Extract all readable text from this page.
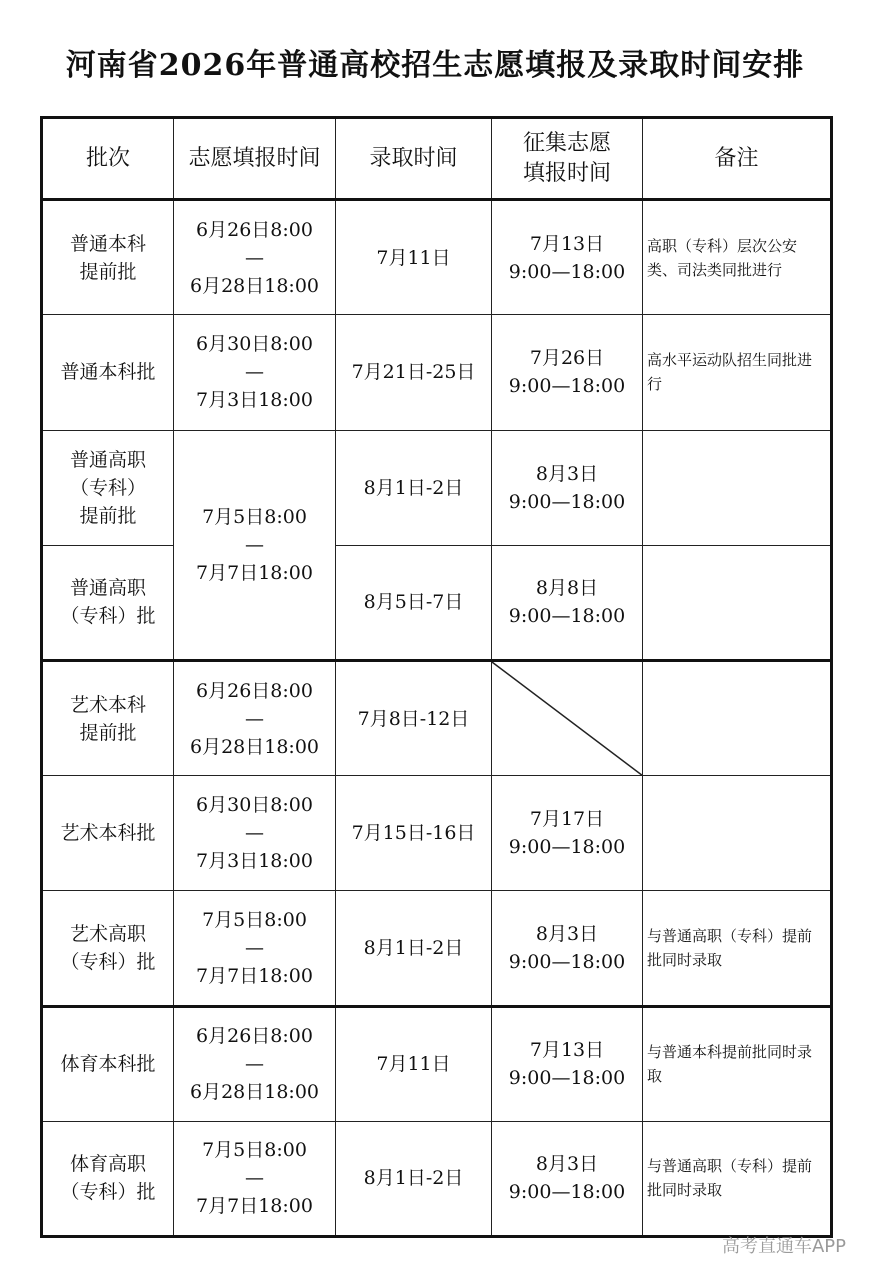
河南省2026年普通高校招生志愿填报及录取时间安排
批次	志愿填报时间	录取时间	征集志愿
填报时间	备注

普通本科
提前批	6月26日8:00
—
6月28日18:00	7月11日	7月13日
9:00—18:00	高职（专科）层次公安类、司法类同批进行

普通本科批	6月30日8:00
—
7月3日18:00	7月21日-25日	7月26日
9:00—18:00	高水平运动队招生同批进行

普通高职
（专科）
提前批	7月5日8:00
—
7月7日18:00	8月1日-2日	8月3日
9:00—18:00	

普通高职
（专科）批		8月5日-7日	8月8日
9:00—18:00	

艺术本科
提前批	6月26日8:00
—
6月28日18:00	7月8日-12日	

艺术本科批	6月30日8:00
—
7月3日18:00	7月15日-16日	7月17日
9:00—18:00	

艺术高职
（专科）批	7月5日8:00
—
7月7日18:00	8月1日-2日	8月3日
9:00—18:00	与普通高职（专科）提前批同时录取

体育本科批	6月26日8:00
—
6月28日18:00	7月11日	7月13日
9:00—18:00	与普通本科提前批同时录取

体育高职
（专科）批	7月5日8:00
—
7月7日18:00	8月1日-2日	8月3日
9:00—18:00	与普通高职（专科）提前批同时录取
高考直通车APP
